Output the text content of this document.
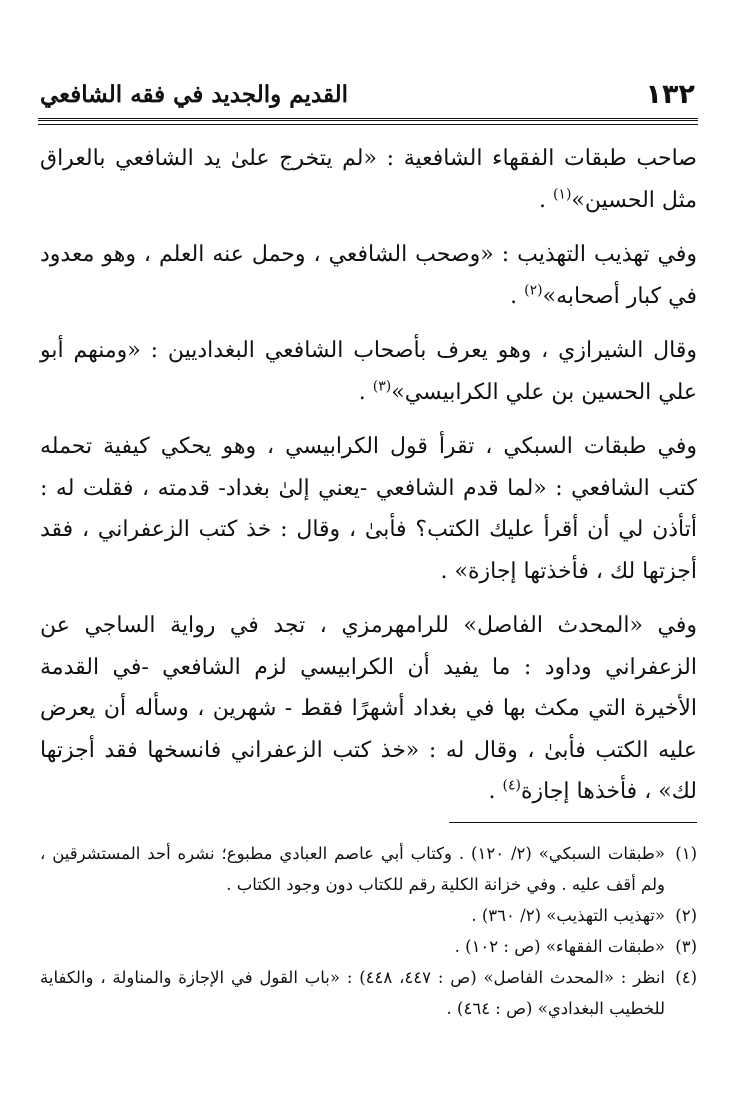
١٣٢
القديم والجديد في فقه الشافعي

صاحب طبقات الفقهاء الشافعية : «لم يتخرج علىٰ يد الشافعي بالعراق مثل الحسين»$^{(١)}$ .

وفي تهذيب التهذيب : «وصحب الشافعي ، وحمل عنه العلم ، وهو معدود في كبار أصحابه»$^{(٢)}$ .

وقال الشيرازي ، وهو يعرف بأصحاب الشافعي البغداديين : «ومنهم أبو علي الحسين بن علي الكرابيسي»$^{(٣)}$ .

وفي طبقات السبكي ، تقرأ قول الكرابيسي ، وهو يحكي كيفية تحمله كتب الشافعي : «لما قدم الشافعي -يعني إلىٰ بغداد- قدمته ، فقلت له : أتأذن لي أن أقرأ عليك الكتب؟ فأبىٰ ، وقال : خذ كتب الزعفراني ، فقد أجزتها لك ، فأخذتها إجازة» .

وفي «المحدث الفاصل» للرامهرمزي ، تجد في رواية الساجي عن الزعفراني وداود : ما يفيد أن الكرابيسي لزم الشافعي -في القدمة الأخيرة التي مكث بها في بغداد أشهرًا فقط - شهرين ، وسأله أن يعرض عليه الكتب فأبىٰ ، وقال له : «خذ كتب الزعفراني فانسخها فقد أجزتها لك» ، فأخذها إجازة$^{(٤)}$ .

(١)
«طبقات السبكي» (٢/ ١٢٠) . وكتاب أبي عاصم العبادي مطبوع؛ نشره أحد المستشرقين ، ولم أقف عليه . وفي خزانة الكلية رقم للكتاب دون وجود الكتاب .

(٢)
«تهذيب التهذيب» (٢/ ٣٦٠) .

(٣)
«طبقات الفقهاء» (ص : ١٠٢) .

(٤)
انظر : «المحدث الفاصل» (ص : ٤٤٧، ٤٤٨) : «باب القول في الإجازة والمناولة ، والكفاية للخطيب البغدادي» (ص : ٤٦٤) .
